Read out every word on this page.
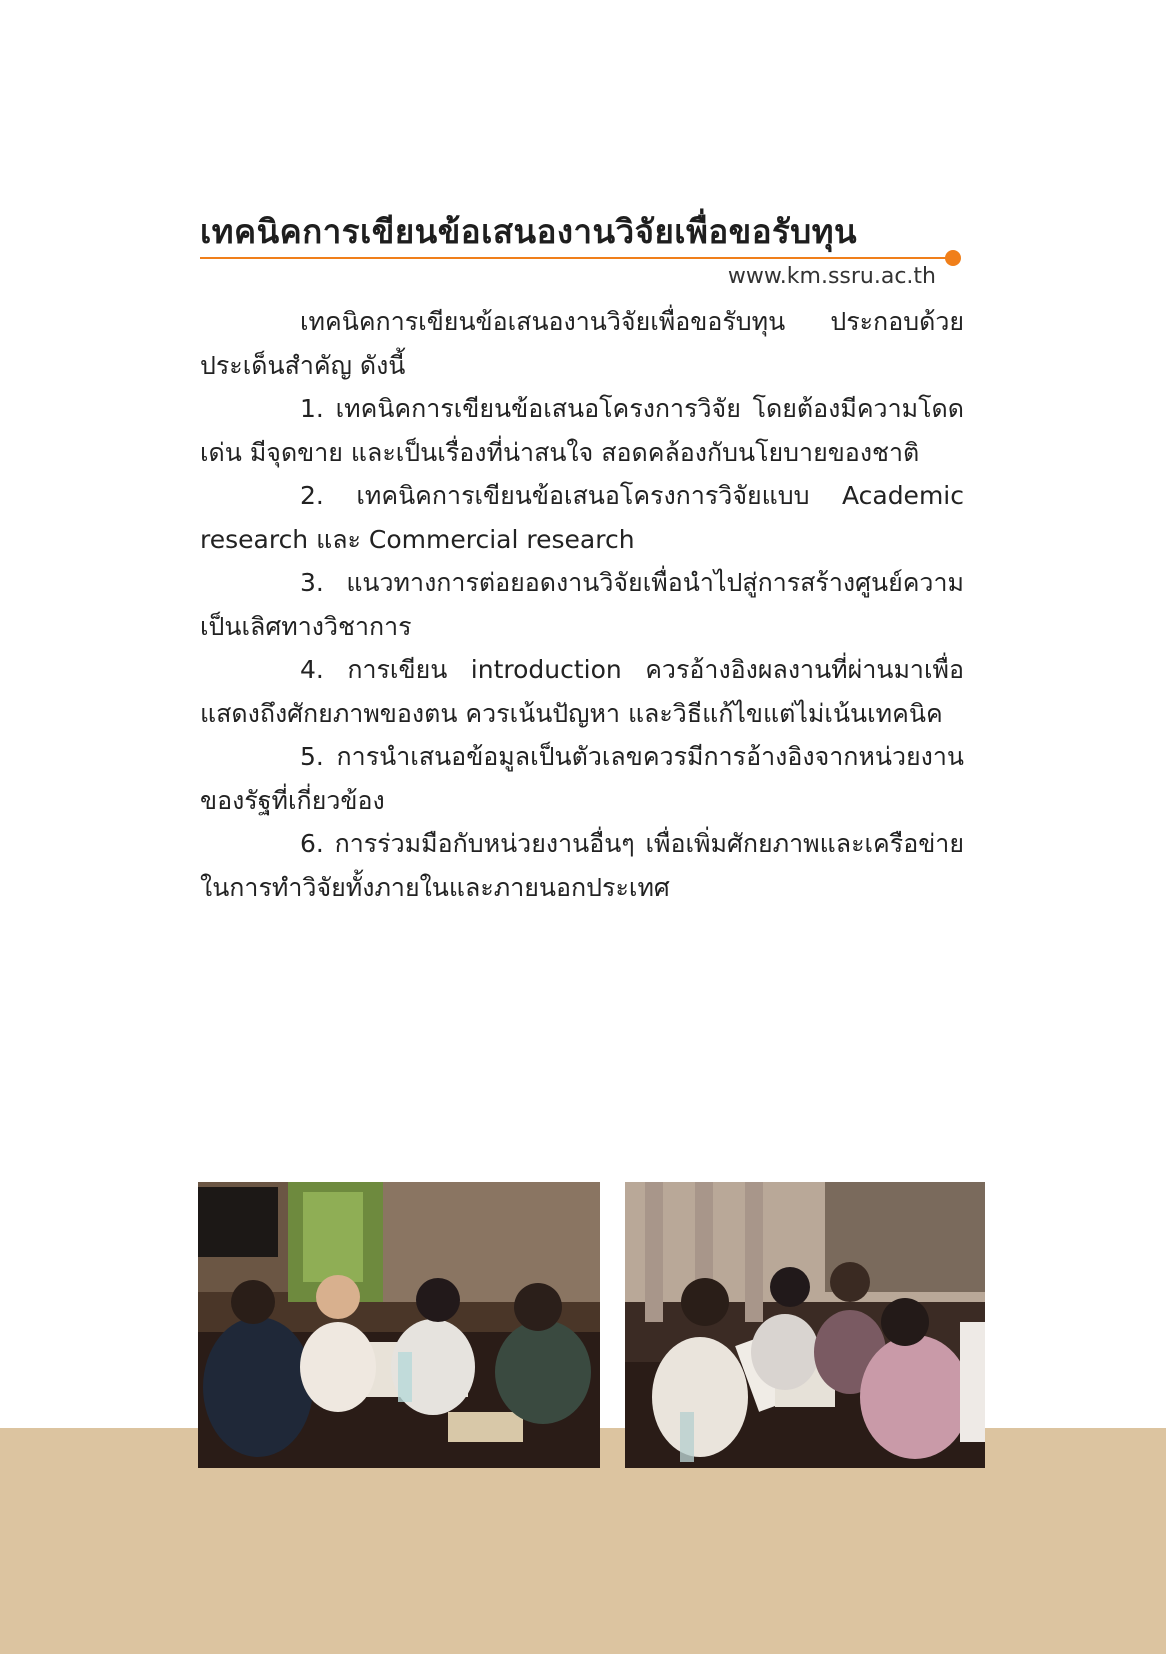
เทคนิคการเขียนข้อเสนองานวิจัยเพื่อขอรับทุน
www.km.ssru.ac.th

เทคนิคการเขียนข้อเสนองานวิจัยเพื่อขอรับทุน ประกอบด้วยประเด็นสำคัญ ดังนี้

1. เทคนิคการเขียนข้อเสนอโครงการวิจัย โดยต้องมีความโดดเด่น มีจุดขาย และเป็นเรื่องที่น่าสนใจ สอดคล้องกับนโยบายของชาติ

2. เทคนิคการเขียนข้อเสนอโครงการวิจัยแบบ Academic research และ Commercial research

3. แนวทางการต่อยอดงานวิจัยเพื่อนำไปสู่การสร้างศูนย์ความเป็นเลิศทางวิชาการ

4. การเขียน introduction ควรอ้างอิงผลงานที่ผ่านมาเพื่อแสดงถึงศักยภาพของตน ควรเน้นปัญหา และวิธีแก้ไขแต่ไม่เน้นเทคนิค

5. การนำเสนอข้อมูลเป็นตัวเลขควรมีการอ้างอิงจากหน่วยงานของรัฐที่เกี่ยวข้อง

6. การร่วมมือกับหน่วยงานอื่นๆ เพื่อเพิ่มศักยภาพและเครือข่ายในการทำวิจัยทั้งภายในและภายนอกประเทศ
